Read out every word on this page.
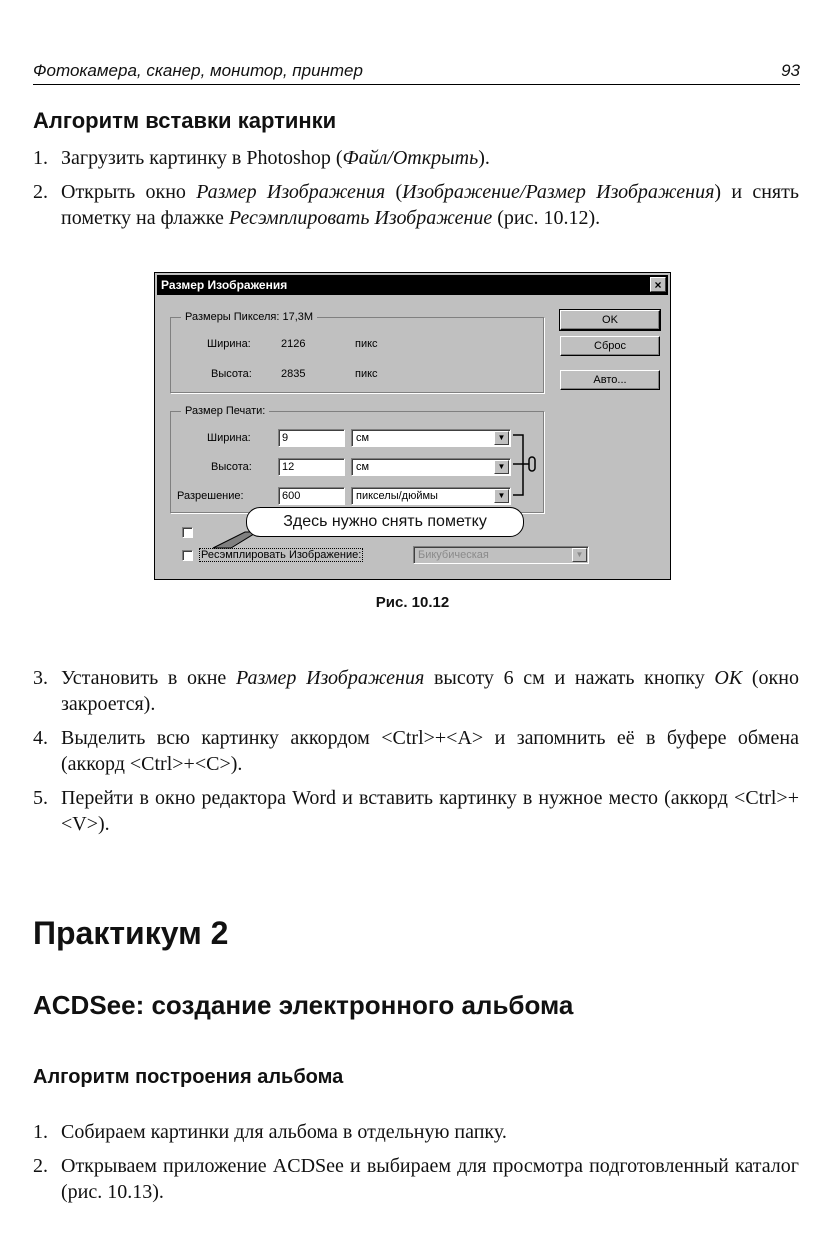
Фотокамера, сканер, монитор, принтер	93
Алгоритм вставки картинки
1. Загрузить картинку в Photoshop (Файл/Открыть).
2. Открыть окно Размер Изображения (Изображение/Размер Изображения) и снять пометку на флажке Ресэмплировать Изображение (рис. 10.12).
Размер Изображения	×
Размеры Пикселя: 17,3M
Ширина:	2126	пикс
Высота:	2835	пикс
OK
Сброс
Авто...
Размер Печати:
Ширина:	9	см	▼
Высота:	12	см	▼
Разрешение:	600	пикселы/дюймы	▼
Ресэмплировать Изображение:	Бикубическая	▼
Здесь нужно снять пометку
Рис. 10.12
3. Установить в окне Размер Изображения высоту 6 см и нажать кнопку OK (окно закроется).
4. Выделить всю картинку аккордом <Ctrl>+<A> и запомнить её в буфере обмена (аккорд <Ctrl>+<C>).
5. Перейти в окно редактора Word и вставить картинку в нужное место (аккорд <Ctrl>+<V>).
Практикум 2
ACDSee: создание электронного альбома
Алгоритм построения альбома
1. Собираем картинки для альбома в отдельную папку.
2. Открываем приложение ACDSee и выбираем для просмотра подготовленный каталог (рис. 10.13).
